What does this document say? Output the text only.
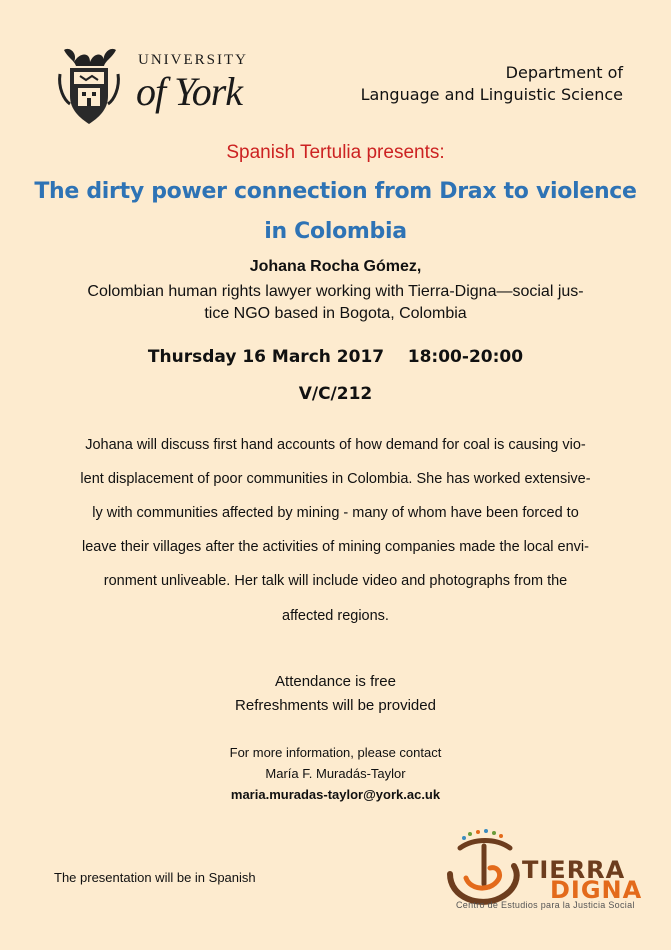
UNIVERSITY
of York	Department of
Language and Linguistic Science
Spanish Tertulia presents:
The dirty power connection from Drax to violence
in Colombia
Johana Rocha Gómez,
Colombian human rights lawyer working with Tierra-Digna—social jus-
tice NGO based in Bogota, Colombia
Thursday 16 March 2017    18:00-20:00
V/C/212
Johana will discuss first hand accounts of how demand for coal is causing vio-
lent displacement of poor communities in Colombia. She has worked extensive-
ly with communities affected by mining - many of whom have been forced to
leave their villages after the activities of mining companies made the local envi-
ronment unliveable. Her talk will include video and photographs from the
affected regions.
Attendance is free
Refreshments will be provided
For more information, please contact
María F. Muradás-Taylor
maria.muradas-taylor@york.ac.uk
The presentation will be in Spanish	TIERRA
DIGNA
Centro de Estudios para la Justicia Social
